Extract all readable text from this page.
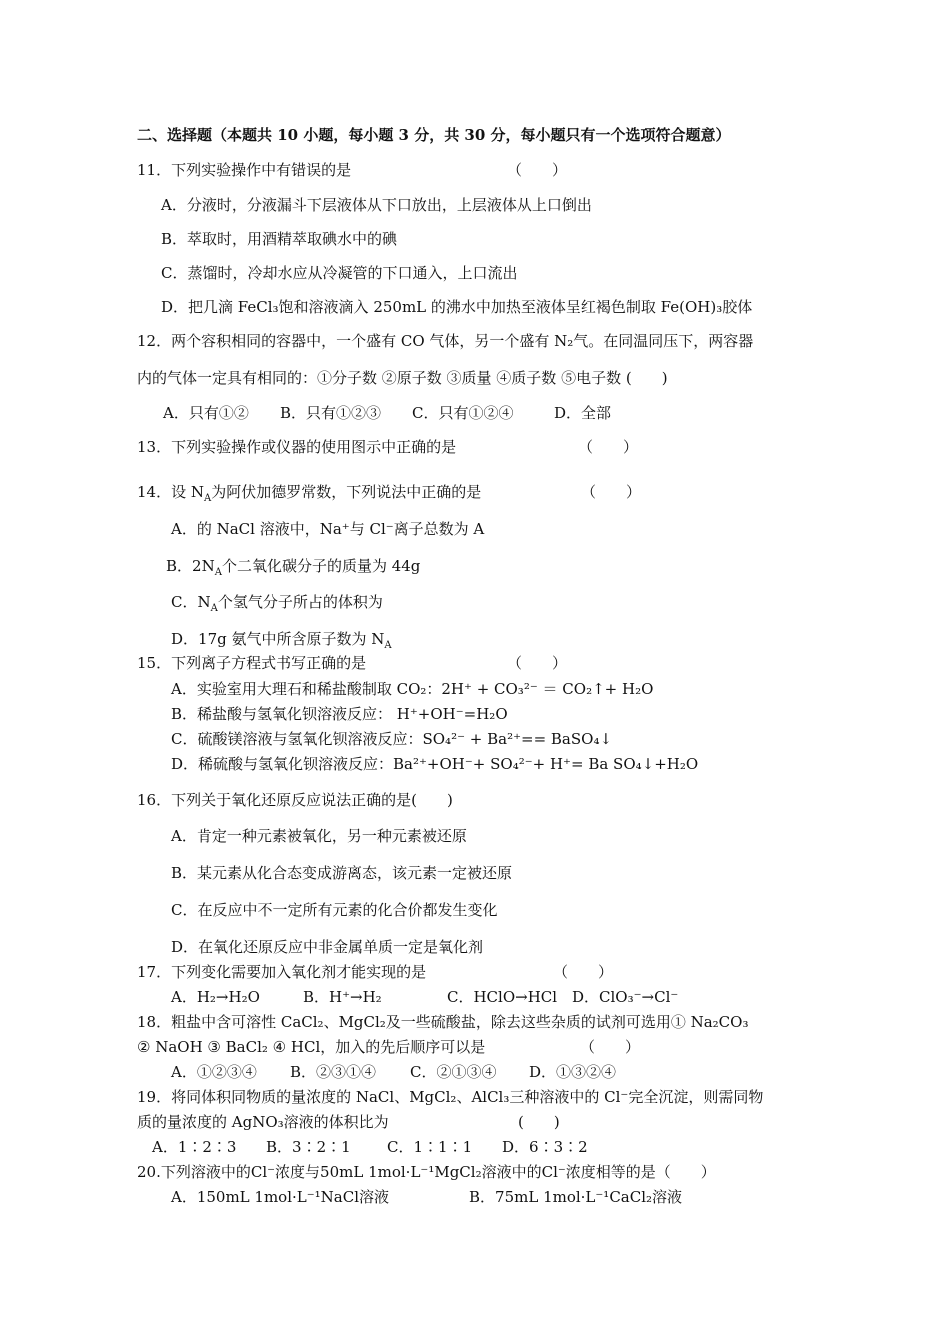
二、选择题（本题共 10 小题，每小题 3 分，共 30 分，每小题只有一个选项符合题意）
11．下列实验操作中有错误的是	（　　）
A．分液时，分液漏斗下层液体从下口放出，上层液体从上口倒出
B．萃取时，用酒精萃取碘水中的碘
C．蒸馏时，冷却水应从冷凝管的下口通入，上口流出
D．把几滴 FeCl₃饱和溶液滴入 250mL 的沸水中加热至液体呈红褐色制取 Fe(OH)₃胶体
12．两个容积相同的容器中，一个盛有 CO 气体，另一个盛有 N₂气。在同温同压下，两容器
内的气体一定具有相同的：①分子数 ②原子数 ③质量 ④质子数 ⑤电子数 (　　)
A．只有①② B．只有①②③ C．只有①②④	D．全部
13．下列实验操作或仪器的使用图示中正确的是	（　　）
14．设 $N_A$为阿伏加德罗常数，下列说法中正确的是	（　　）
A．的 NaCl 溶液中，Na⁺与 Cl⁻离子总数为 A
B．$2N_A$个二氧化碳分子的质量为 44g
C．$N_A$个氢气分子所占的体积为
D．17g 氨气中所含原子数为 $N_A$
15．下列离子方程式书写正确的是	（　　）
A．实验室用大理石和稀盐酸制取 CO₂：2H⁺ + CO₃²⁻ ＝ CO₂↑+ H₂O
B．稀盐酸与氢氧化钡溶液反应： H⁺+OH⁻=H₂O
C．硫酸镁溶液与氢氧化钡溶液反应：SO₄²⁻ + Ba²⁺== BaSO₄↓
D．稀硫酸与氢氧化钡溶液反应：Ba²⁺+OH⁻+ SO₄²⁻+ H⁺= Ba SO₄↓+H₂O
16．下列关于氧化还原反应说法正确的是(　　)
A．肯定一种元素被氧化，另一种元素被还原
B．某元素从化合态变成游离态，该元素一定被还原
C．在反应中不一定所有元素的化合价都发生变化
D．在氧化还原反应中非金属单质一定是氧化剂
17．下列变化需要加入氧化剂才能实现的是	（　　）
A．H₂→H₂O	B．H⁺→H₂	C．HClO→HCl D．ClO₃⁻→Cl⁻
18．粗盐中含可溶性 CaCl₂、MgCl₂及一些硫酸盐，除去这些杂质的试剂可选用① Na₂CO₃
② NaOH ③ BaCl₂ ④ HCl，加入的先后顺序可以是	（　　）
A．①②③④ B．②③①④ C．②①③④ D．①③②④
19．将同体积同物质的量浓度的 NaCl、MgCl₂、AlCl₃三种溶液中的 Cl⁻完全沉淀，则需同物
质的量浓度的 AgNO₃溶液的体积比为	(　　)
A．1∶2∶3 B．3∶2∶1 C．1∶1∶1 D．6∶3∶2
20.下列溶液中的Cl⁻浓度与50mL 1mol·L⁻¹MgCl₂溶液中的Cl⁻浓度相等的是（　　）
A．150mL 1mol·L⁻¹NaCl溶液	B．75mL 1mol·L⁻¹CaCl₂溶液
